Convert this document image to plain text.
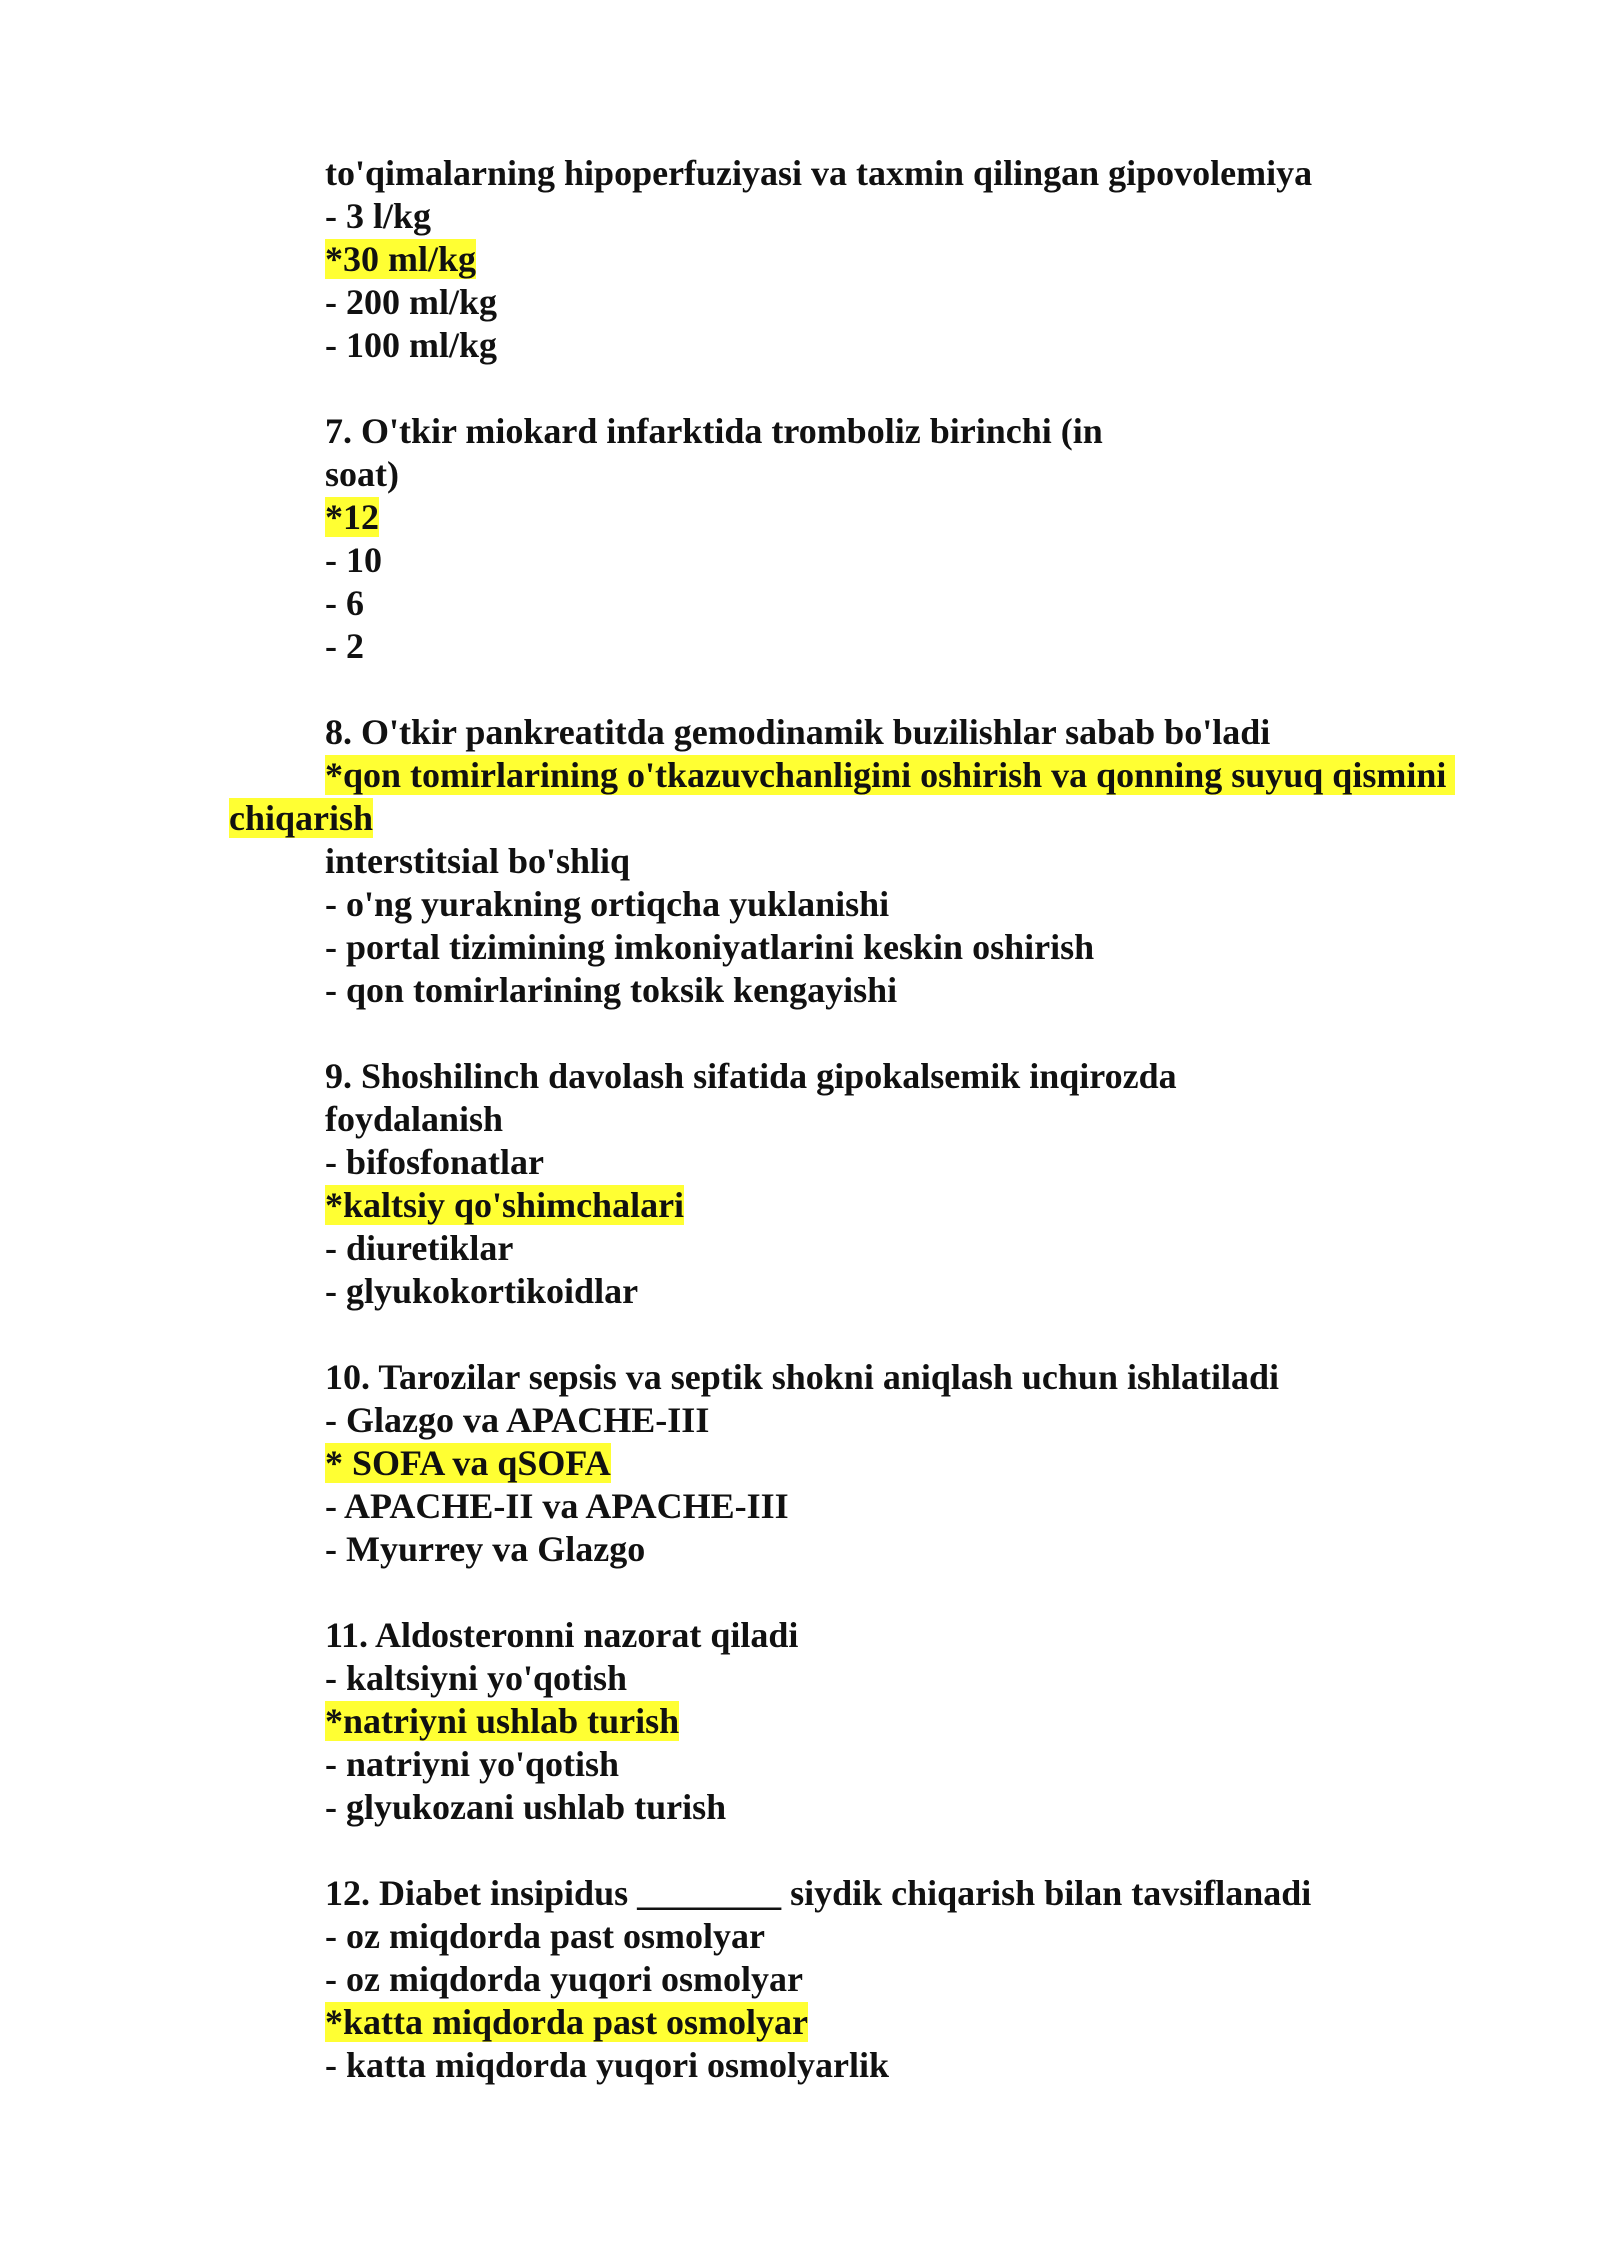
to'qimalarning hipoperfuziyasi va taxmin qilingan gipovolemiya
- 3 l/kg
*30 ml/kg
- 200 ml/kg
- 100 ml/kg
7. O'tkir miokard infarktida tromboliz birinchi (in
soat)
*12
- 10
- 6
- 2
8. O'tkir pankreatitda gemodinamik buzilishlar sabab bo'ladi
*qon tomirlarining o'tkazuvchanligini oshirish va qonning suyuq qismini
chiqarish
interstitsial bo'shliq
- o'ng yurakning ortiqcha yuklanishi
- portal tizimining imkoniyatlarini keskin oshirish
- qon tomirlarining toksik kengayishi
9. Shoshilinch davolash sifatida gipokalsemik inqirozda
foydalanish
- bifosfonatlar
*kaltsiy qo'shimchalari
- diuretiklar
- glyukokortikoidlar
10. Tarozilar sepsis va septik shokni aniqlash uchun ishlatiladi
- Glazgo va APACHE-III
* SOFA va qSOFA
- APACHE-II va APACHE-III
- Myurrey va Glazgo
11. Aldosteronni nazorat qiladi
- kaltsiyni yo'qotish
*natriyni ushlab turish
- natriyni yo'qotish
- glyukozani ushlab turish
12. Diabet insipidus ________ siydik chiqarish bilan tavsiflanadi
- oz miqdorda past osmolyar
- oz miqdorda yuqori osmolyar
*katta miqdorda past osmolyar
- katta miqdorda yuqori osmolyarlik
